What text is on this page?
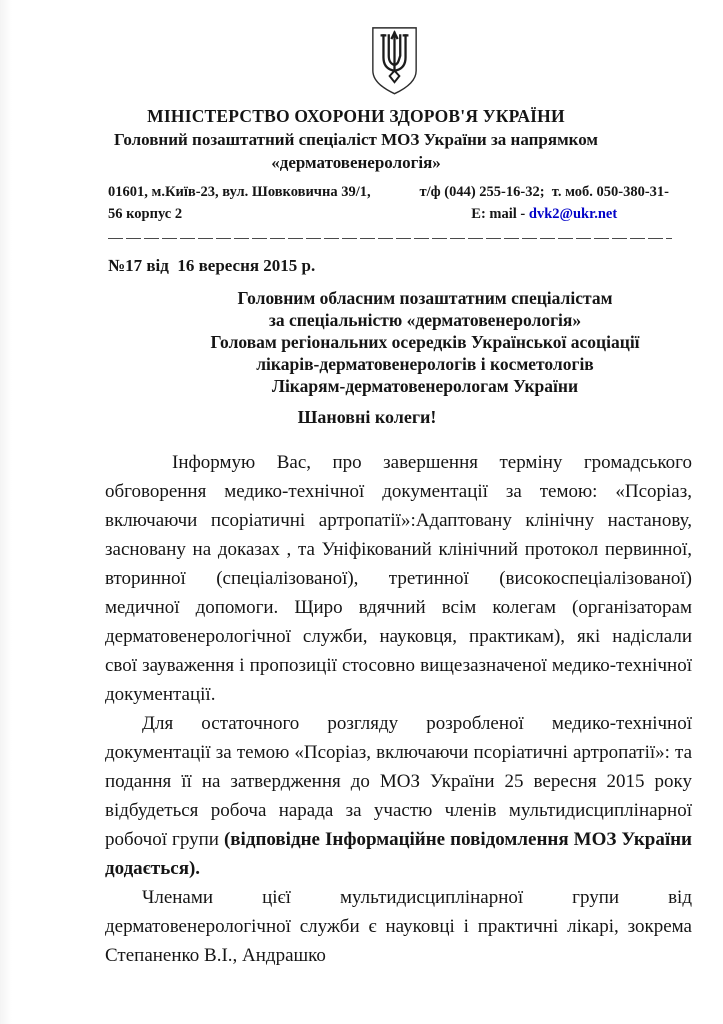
МІНІСТЕРСТВО ОХОРОНИ ЗДОРОВ'Я УКРАЇНИ
Головний позаштатний спеціаліст МОЗ України за напрямком
«дерматовенерологія»
01601, м.Київ-23, вул. Шовковична 39/1,
56 корпус 2
т/ф (044) 255-16-32;  т. моб. 050-380-31-
Е: mail - dvk2@ukr.net
№17 від  16 вересня 2015 р.
Головним обласним позаштатним спеціалістам
за спеціальністю «дерматовенерологія»
Головам регіональних осередків Української асоціації
лікарів-дерматовенерологів і косметологів
Лікарям-дерматовенерологам України
Шановні колеги!

Інформую Вас, про завершення терміну громадського обговорення медико-технічної документації за темою: «Псоріаз, включаючи псоріатичні артропатії»:Адаптовану клінічну настанову, засновану на доказах , та Уніфікований клінічний протокол первинної, вторинної (спеціалізованої), третинної (високоспеціалізованої) медичної допомоги. Щиро вдячний всім колегам (організаторам дерматовенерологічної служби, науковця, практикам), які надіслали свої зауваження і пропозиції стосовно вищезазначеної медико-технічної документації.

Для остаточного розгляду розробленої медико-технічної документації за темою «Псоріаз, включаючи псоріатичні артропатії»: та подання її на затвердження до МОЗ України 25 вересня 2015 року відбудеться робоча нарада за участю членів мультидисциплінарної робочої групи (відповідне Інформаційне повідомлення МОЗ України додається).

Членами цієї мультидисциплінарної групи від дерматовенерологічної служби є науковці і практичні лікарі, зокрема Степаненко В.І., Андрашко
